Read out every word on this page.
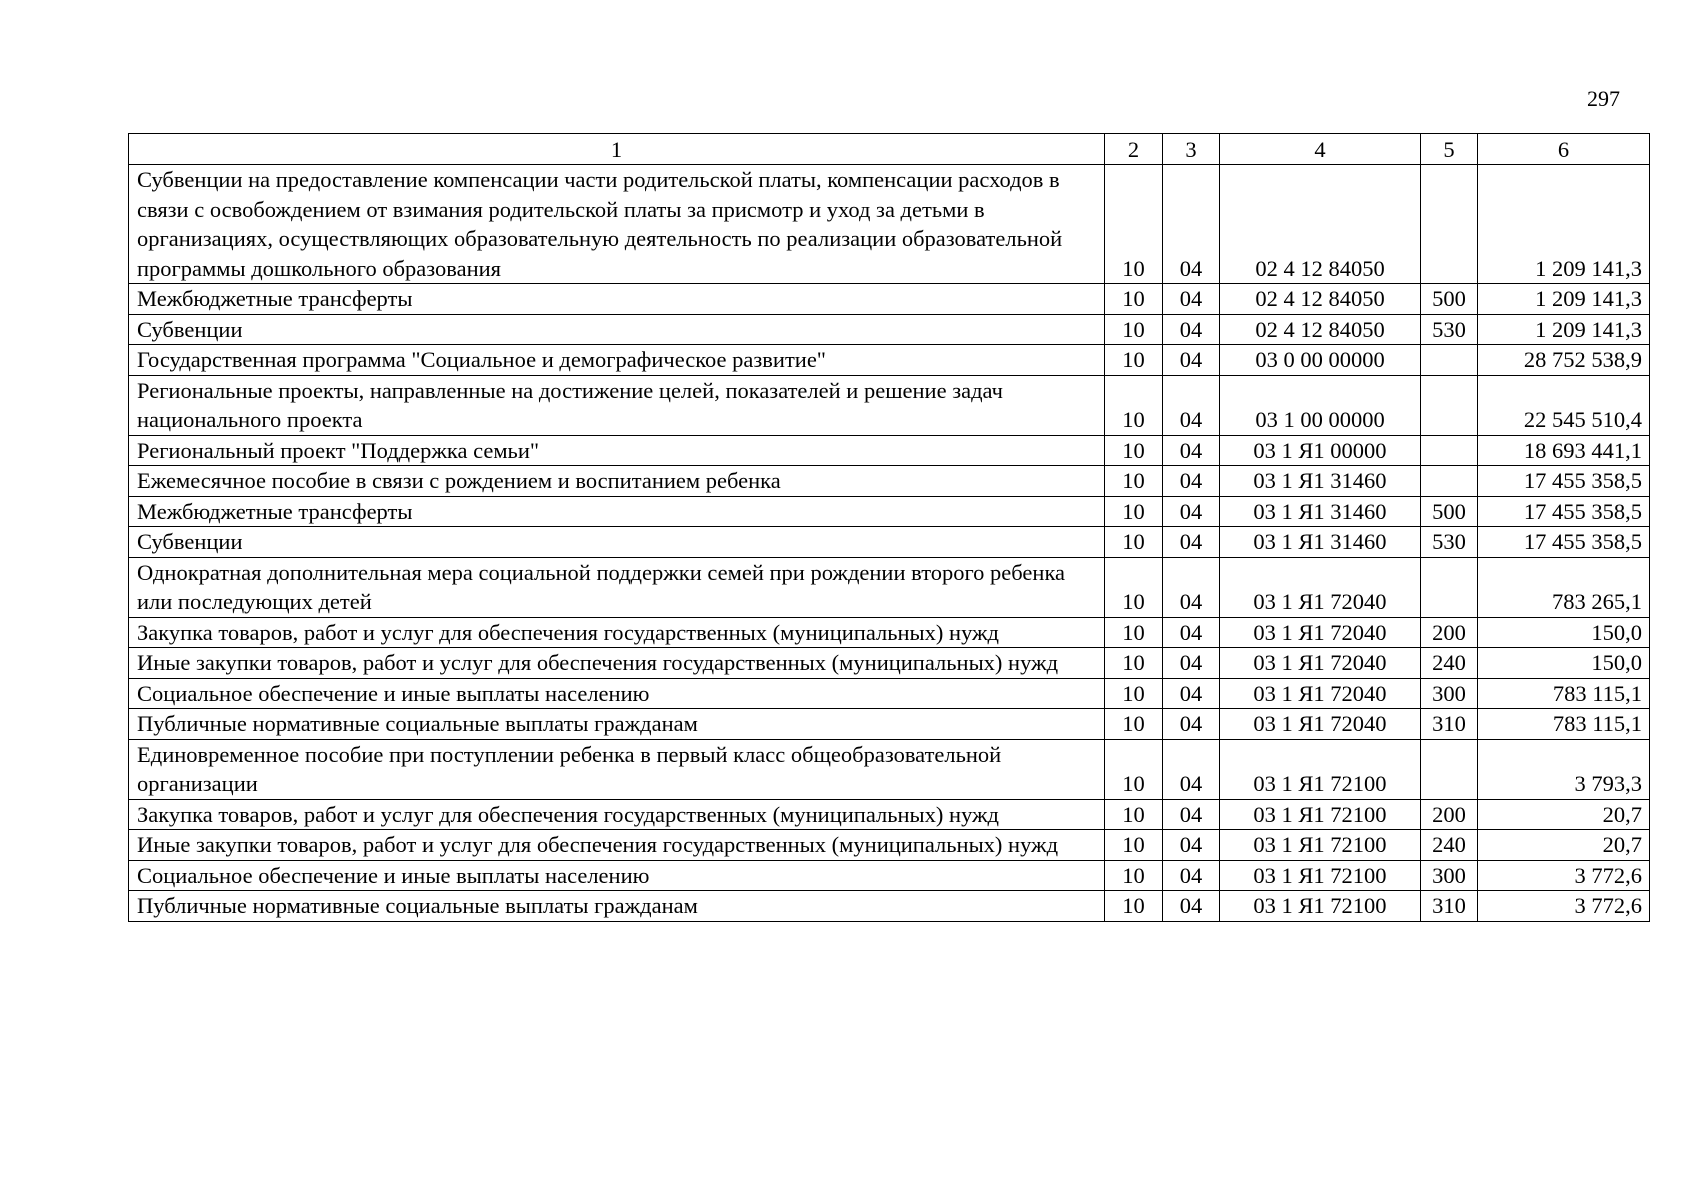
297
1	2	3	4	5	6
Субвенции на предоставление компенсации части родительской платы, компенсации расходов в связи с освобождением от взимания родительской платы за присмотр и уход за детьми в организациях, осуществляющих образовательную деятельность по реализации образовательной программы дошкольного образования	10	04	02 4 12 84050		1 209 141,3
Межбюджетные трансферты	10	04	02 4 12 84050	500	1 209 141,3
Субвенции	10	04	02 4 12 84050	530	1 209 141,3
Государственная программа "Социальное и демографическое развитие"	10	04	03 0 00 00000		28 752 538,9
Региональные проекты, направленные на достижение целей, показателей и решение задач национального проекта	10	04	03 1 00 00000		22 545 510,4
Региональный проект "Поддержка семьи"	10	04	03 1 Я1 00000		18 693 441,1
Ежемесячное пособие в связи с рождением и воспитанием ребенка	10	04	03 1 Я1 31460		17 455 358,5
Межбюджетные трансферты	10	04	03 1 Я1 31460	500	17 455 358,5
Субвенции	10	04	03 1 Я1 31460	530	17 455 358,5
Однократная дополнительная мера социальной поддержки семей при рождении второго ребенка или последующих детей	10	04	03 1 Я1 72040		783 265,1
Закупка товаров, работ и услуг для обеспечения государственных (муниципальных) нужд	10	04	03 1 Я1 72040	200	150,0
Иные закупки товаров, работ и услуг для обеспечения государственных (муниципальных) нужд	10	04	03 1 Я1 72040	240	150,0
Социальное обеспечение и иные выплаты населению	10	04	03 1 Я1 72040	300	783 115,1
Публичные нормативные социальные выплаты гражданам	10	04	03 1 Я1 72040	310	783 115,1
Единовременное пособие при поступлении ребенка в первый класс общеобразовательной организации	10	04	03 1 Я1 72100		3 793,3
Закупка товаров, работ и услуг для обеспечения государственных (муниципальных) нужд	10	04	03 1 Я1 72100	200	20,7
Иные закупки товаров, работ и услуг для обеспечения государственных (муниципальных) нужд	10	04	03 1 Я1 72100	240	20,7
Социальное обеспечение и иные выплаты населению	10	04	03 1 Я1 72100	300	3 772,6
Публичные нормативные социальные выплаты гражданам	10	04	03 1 Я1 72100	310	3 772,6
